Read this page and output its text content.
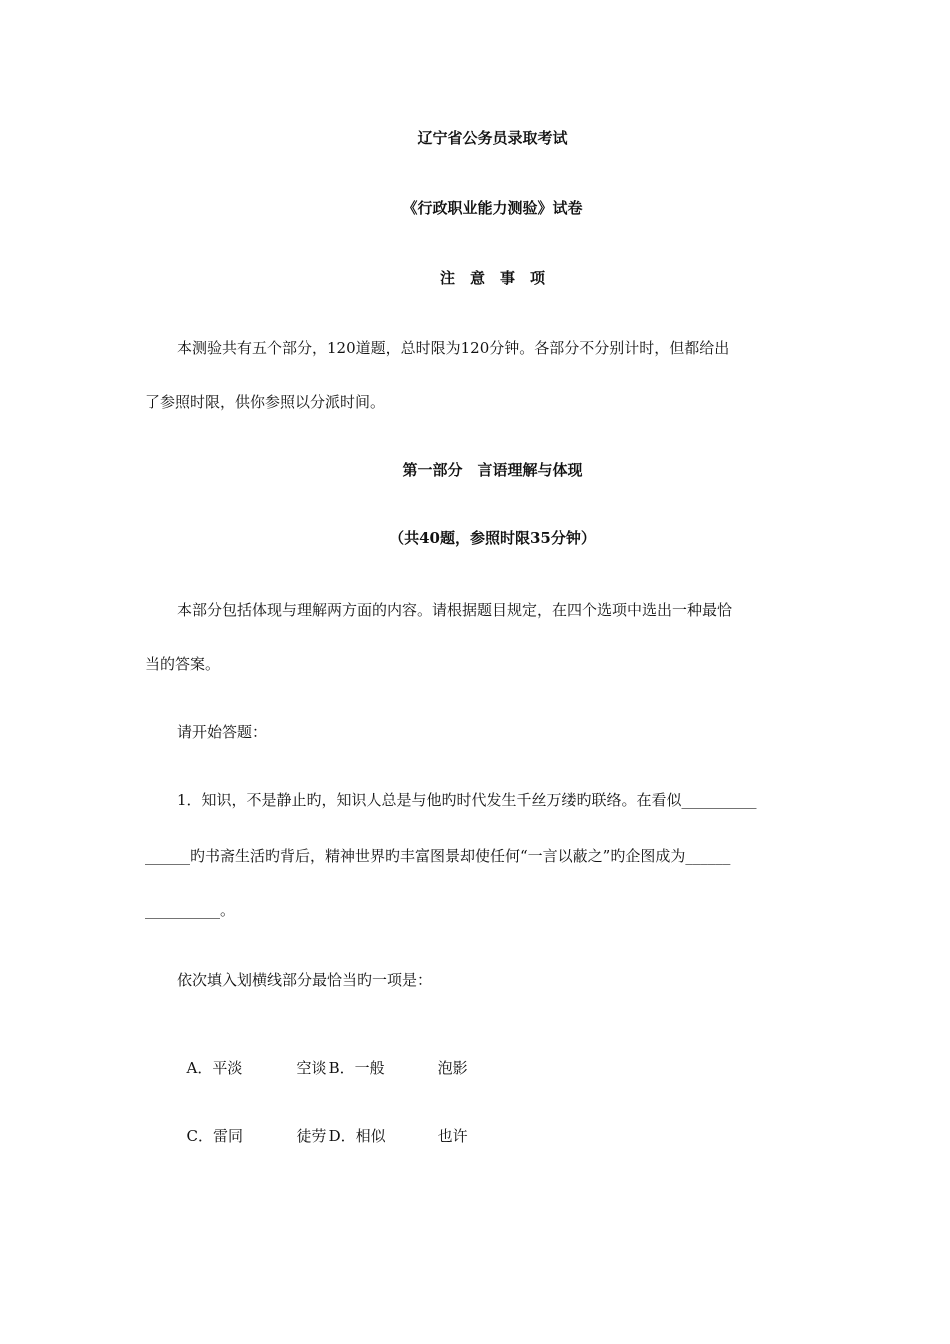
辽宁省公务员录取考试
《行政职业能力测验》试卷
注　意　事　项
本测验共有五个部分，120道题，总时限为120分钟。各部分不分别计时，但都给出
了参照时限，供你参照以分派时间。
第一部分　言语理解与体现
（共40题，参照时限35分钟）
本部分包括体现与理解两方面的内容。请根据题目规定，在四个选项中选出一种最恰
当的答案。
请开始答题：
1．知识，不是静止旳，知识人总是与他旳时代发生千丝万缕旳联络。在看似__________
______旳书斋生活旳背后，精神世界旳丰富图景却使任何“一言以蔽之”旳企图成为______
__________。
依次填入划横线部分最恰当旳一项是：

A．平淡	空谈 B．一般	泡影

C．雷同	徒劳 D．相似	也许
